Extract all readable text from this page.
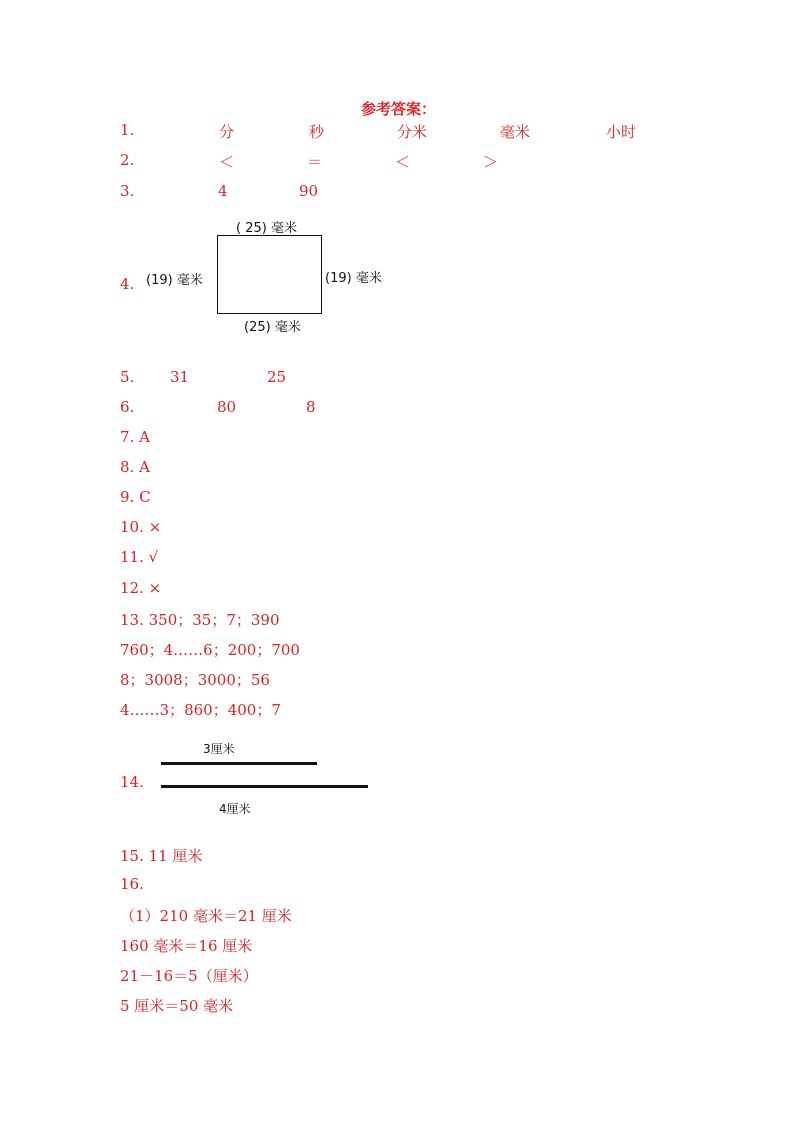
参考答案：
1.	分	秒	分米	毫米	小时
2.	＜	＝	＜	＞
3.	4	90
4.
( 25) 毫米
(19) 毫米	(19) 毫米
(25) 毫米
5. 31	25
6.	80	8
7. A
8. A
9. C
10. ×
11. √
12. ×
13. 350；35；7；390
760；4……6；200；700
8；3008；3000；56
4……3；860；400；7
14.
3厘米
4厘米
15. 11 厘米
16.
（1）210 毫米＝21 厘米
160 毫米＝16 厘米
21－16＝5（厘米）
5 厘米＝50 毫米
